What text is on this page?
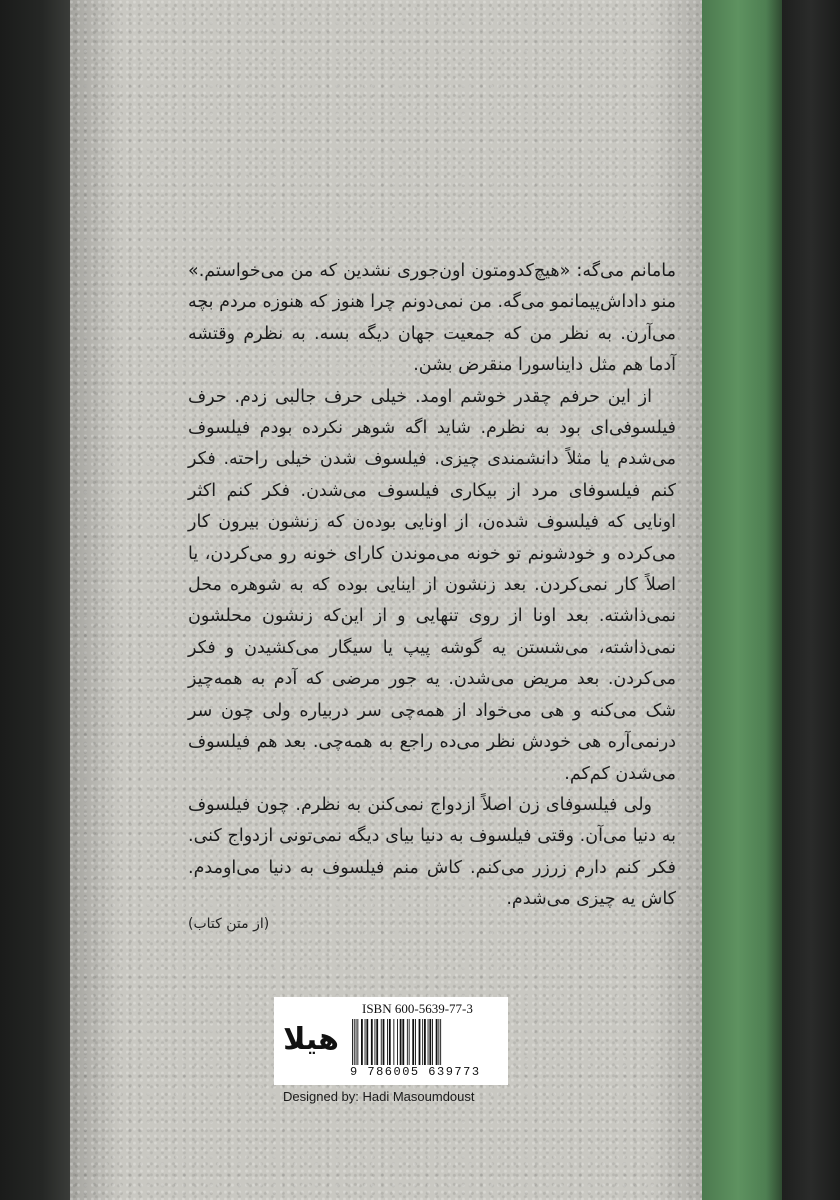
مامانم می‌گه: «هیچ‌کدومتون اون‌جوری نشدین که من می‌خواستم.» منو داداش‌پیمانمو می‌گه. من نمی‌دونم چرا هنوز که هنوزه مردم بچه می‌آرن. به نظر من که جمعیت جهان دیگه بسه. به نظرم وقتشه آدما هم مثل دایناسورا منقرض بشن.

از این حرفم چقدر خوشم اومد. خیلی حرف جالبی زدم. حرف فیلسوفی‌ای بود به نظرم. شاید اگه شوهر نکرده بودم فیلسوف می‌شدم یا مثلاً دانشمندی چیزی. فیلسوف شدن خیلی راحته. فکر کنم فیلسوفای مرد از بیکاری فیلسوف می‌شدن. فکر کنم اکثر اونایی که فیلسوف شده‌ن، از اونایی بوده‌ن که زنشون بیرون کار می‌کرده و خودشونم تو خونه می‌موندن کارای خونه رو می‌کردن، یا اصلاً کار نمی‌کردن. بعد زنشون از اینایی بوده که به شوهره محل نمی‌ذاشته. بعد اونا از روی تنهایی و از این‌که زنشون محلشون نمی‌ذاشته، می‌شستن یه گوشه پیپ یا سیگار می‌کشیدن و فکر می‌کردن. بعد مریض می‌شدن. یه جور مرضی که آدم به همه‌چیز شک می‌کنه و هی می‌خواد از همه‌چی سر دربیاره ولی چون سر درنمی‌آره هی خودش نظر می‌ده راجع به همه‌چی. بعد هم فیلسوف می‌شدن کم‌کم.

ولی فیلسوفای زن اصلاً ازدواج نمی‌کنن به نظرم. چون فیلسوف به دنیا می‌آن. وقتی فیلسوف به دنیا بیای دیگه نمی‌تونی ازدواج کنی. فکر کنم دارم زرزر می‌کنم. کاش منم فیلسوف به دنیا می‌اومدم. کاش یه چیزی می‌شدم.

(از متن کتاب)
ISBN 600-5639-77-3
هیلا
9 786005 639773
Designed by: Hadi Masoumdoust
